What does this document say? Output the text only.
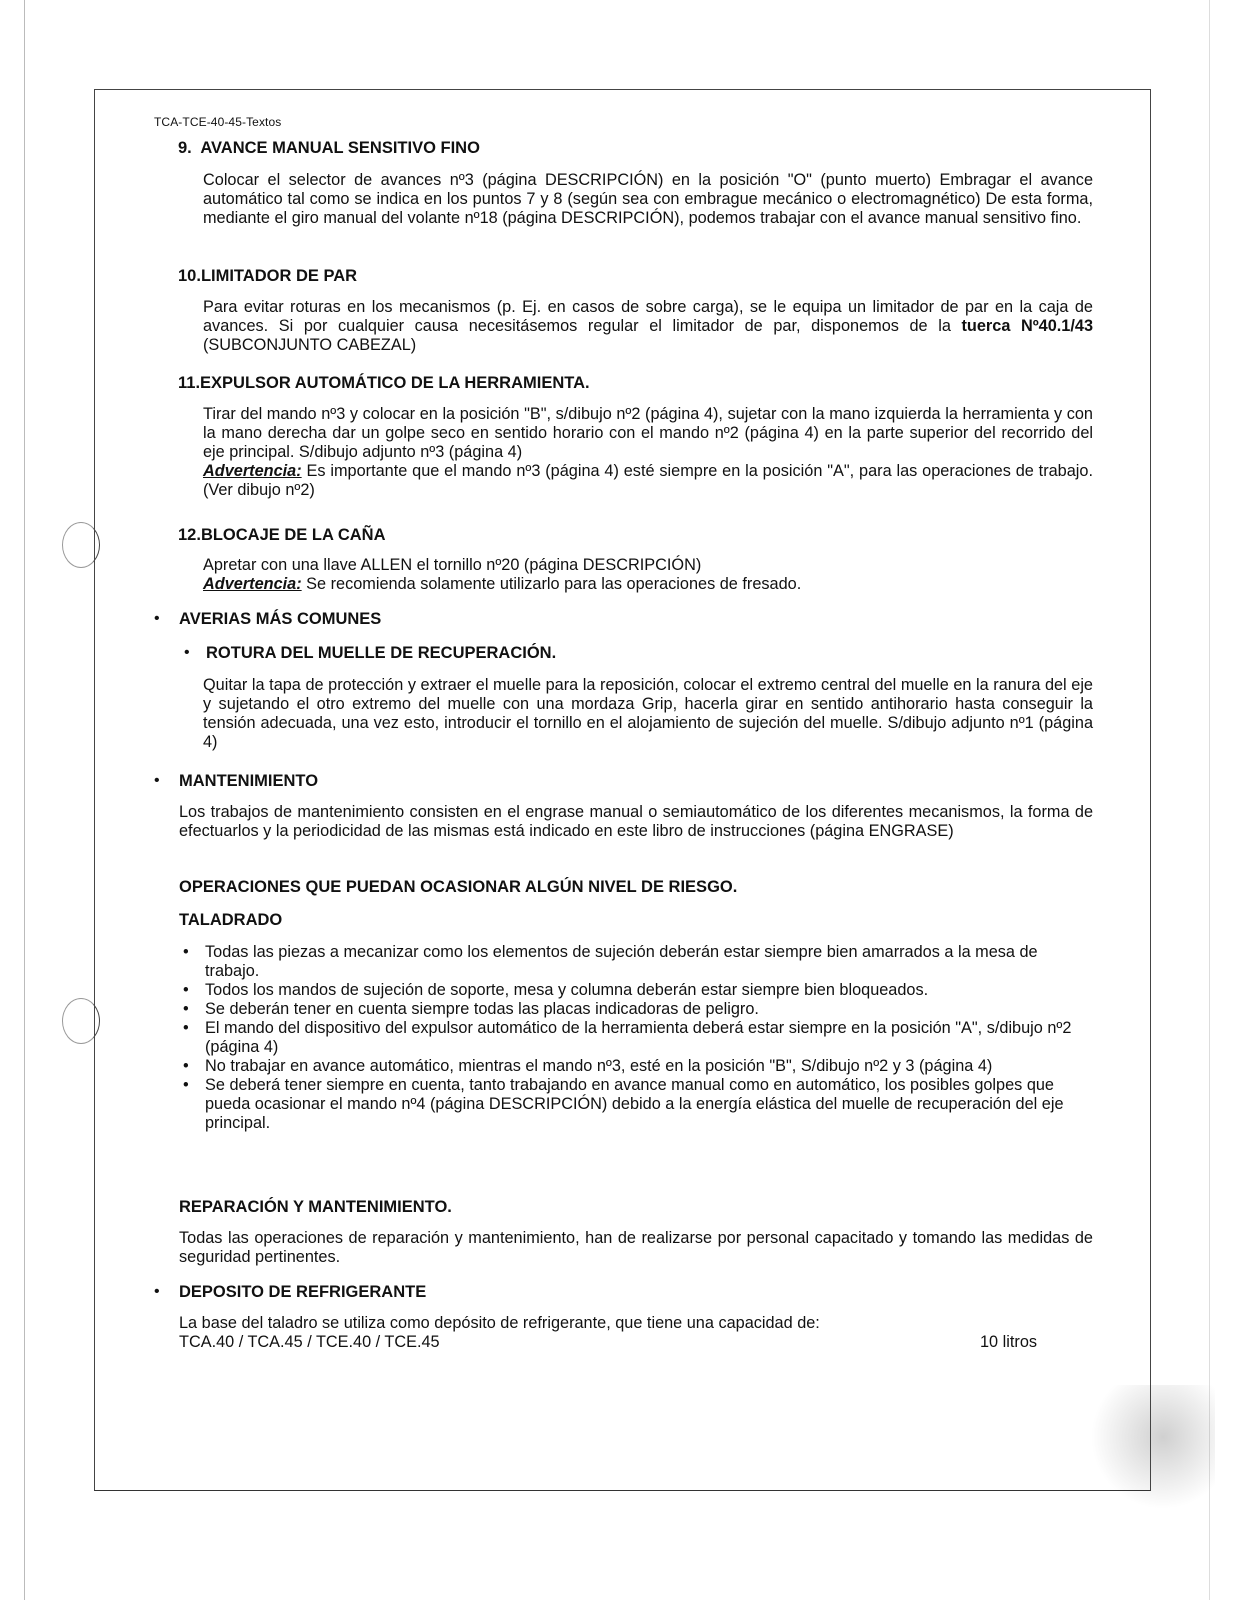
TCA-TCE-40-45-Textos
9. AVANCE MANUAL SENSITIVO FINO

Colocar el selector de avances nº3 (página DESCRIPCIÓN) en la posición "O" (punto muerto) Embragar el avance automático tal como se indica en los puntos 7 y 8 (según sea con embrague mecánico o electromagnético) De esta forma, mediante el giro manual del volante nº18 (página DESCRIPCIÓN), podemos trabajar con el avance manual sensitivo fino.

10.LIMITADOR DE PAR

Para evitar roturas en los mecanismos (p. Ej. en casos de sobre carga), se le equipa un limitador de par en la caja de avances. Si por cualquier causa necesitásemos regular el limitador de par, disponemos de la tuerca Nº40.1/43 (SUBCONJUNTO CABEZAL)

11.EXPULSOR AUTOMÁTICO DE LA HERRAMIENTA.

Tirar del mando nº3 y colocar en la posición "B", s/dibujo nº2 (página 4), sujetar con la mano izquierda la herramienta y con la mano derecha dar un golpe seco en sentido horario con el mando nº2 (página 4) en la parte superior del recorrido del eje principal. S/dibujo adjunto nº3 (página 4)
Advertencia: Es importante que el mando nº3 (página 4) esté siempre en la posición "A", para las operaciones de trabajo. (Ver dibujo nº2)

12.BLOCAJE DE LA CAÑA

Apretar con una llave ALLEN el tornillo nº20 (página DESCRIPCIÓN)
Advertencia: Se recomienda solamente utilizarlo para las operaciones de fresado.

• AVERIAS MÁS COMUNES
• ROTURA DEL MUELLE DE RECUPERACIÓN.

Quitar la tapa de protección y extraer el muelle para la reposición, colocar el extremo central del muelle en la ranura del eje y sujetando el otro extremo del muelle con una mordaza Grip, hacerla girar en sentido antihorario hasta conseguir la tensión adecuada, una vez esto, introducir el tornillo en el alojamiento de sujeción del muelle. S/dibujo adjunto nº1 (página 4)

• MANTENIMIENTO

Los trabajos de mantenimiento consisten en el engrase manual o semiautomático de los diferentes mecanismos, la forma de efectuarlos y la periodicidad de las mismas está indicado en este libro de instrucciones (página ENGRASE)

OPERACIONES QUE PUEDAN OCASIONAR ALGÚN NIVEL DE RIESGO.
TALADRADO
• Todas las piezas a mecanizar como los elementos de sujeción deberán estar siempre bien amarrados a la mesa de trabajo.
• Todos los mandos de sujeción de soporte, mesa y columna deberán estar siempre bien bloqueados.
• Se deberán tener en cuenta siempre todas las placas indicadoras de peligro.
• El mando del dispositivo del expulsor automático de la herramienta deberá estar siempre en la posición "A", s/dibujo nº2 (página 4)
• No trabajar en avance automático, mientras el mando nº3, esté en la posición "B", S/dibujo nº2 y 3 (página 4)
• Se deberá tener siempre en cuenta, tanto trabajando en avance manual como en automático, los posibles golpes que pueda ocasionar el mando nº4 (página DESCRIPCIÓN) debido a la energía elástica del muelle de recuperación del eje principal.
REPARACIÓN Y MANTENIMIENTO.

Todas las operaciones de reparación y mantenimiento, han de realizarse por personal capacitado y tomando las medidas de seguridad pertinentes.

• DEPOSITO DE REFRIGERANTE
La base del taladro se utiliza como depósito de refrigerante, que tiene una capacidad de:
TCA.40 / TCA.45 / TCE.40 / TCE.45	10 litros
